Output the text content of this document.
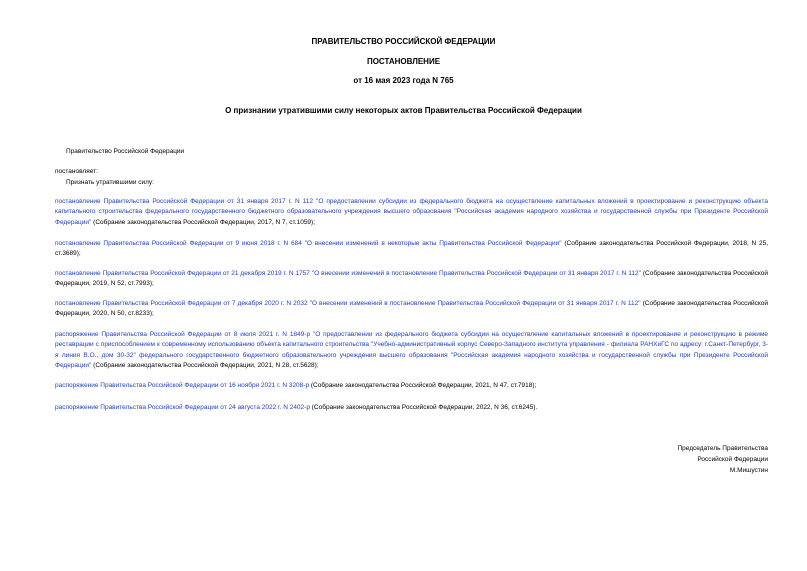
ПРАВИТЕЛЬСТВО РОССИЙСКОЙ ФЕДЕРАЦИИ
ПОСТАНОВЛЕНИЕ
от 16 мая 2023 года N 765
О признании утратившими силу некоторых актов Правительства Российской Федерации
Правительство Российской Федерации
постановляет:
Признать утратившими силу:
постановление Правительства Российской Федерации от 31 января 2017 г. N 112 "О предоставлении субсидии из федерального бюджета на осуществление капитальных вложений в проектирование и реконструкцию объекта капитального строительства федерального государственного бюджетного образовательного учреждения высшего образования "Российская академия народного хозяйства и государственной службы при Президенте Российской Федерации" (Собрание законодательства Российской Федерации, 2017, N 7, ст.1059);
постановление Правительства Российской Федерации от 9 июня 2018 г. N 684 "О внесении изменений в некоторые акты Правительства Российской Федерации" (Собрание законодательства Российской Федерации, 2018, N 25, ст.3689);
постановление Правительства Российской Федерации от 21 декабря 2019 г. N 1757 "О внесении изменений в постановление Правительства Российской Федерации от 31 января 2017 г. N 112" (Собрание законодательства Российской Федерации, 2019, N 52, ст.7993);
постановление Правительства Российской Федерации от 7 декабря 2020 г. N 2032 "О внесении изменений в постановление Правительства Российской Федерации от 31 января 2017 г. N 112" (Собрание законодательства Российской Федерации, 2020, N 50, ст.8233);
распоряжение Правительства Российской Федерации от 8 июля 2021 г. N 1849-р "О предоставлении из федерального бюджета субсидии на осуществление капитальных вложений в проектирование и реконструкцию в режиме реставрации с приспособлением к современному использованию объекта капитального строительства "Учебно-административный корпус Северо-Западного института управления - филиала РАНХиГС по адресу: г.Санкт-Петербург, 3-я линия В.О., дом 30-32" федерального государственного бюджетного образовательного учреждения высшего образования "Российская академия народного хозяйства и государственной службы при Президенте Российской Федерации" (Собрание законодательства Российской Федерации, 2021, N 28, ст.5628);
распоряжение Правительства Российской Федерации от 16 ноября 2021 г. N 3208-р (Собрание законодательства Российской Федерации, 2021, N 47, ст.7918);
распоряжение Правительства Российской Федерации от 24 августа 2022 г. N 2402-р (Собрание законодательства Российской Федерации, 2022, N 36, ст.6245).
Председатель Правительства
Российской Федерации
М.Мишустин
